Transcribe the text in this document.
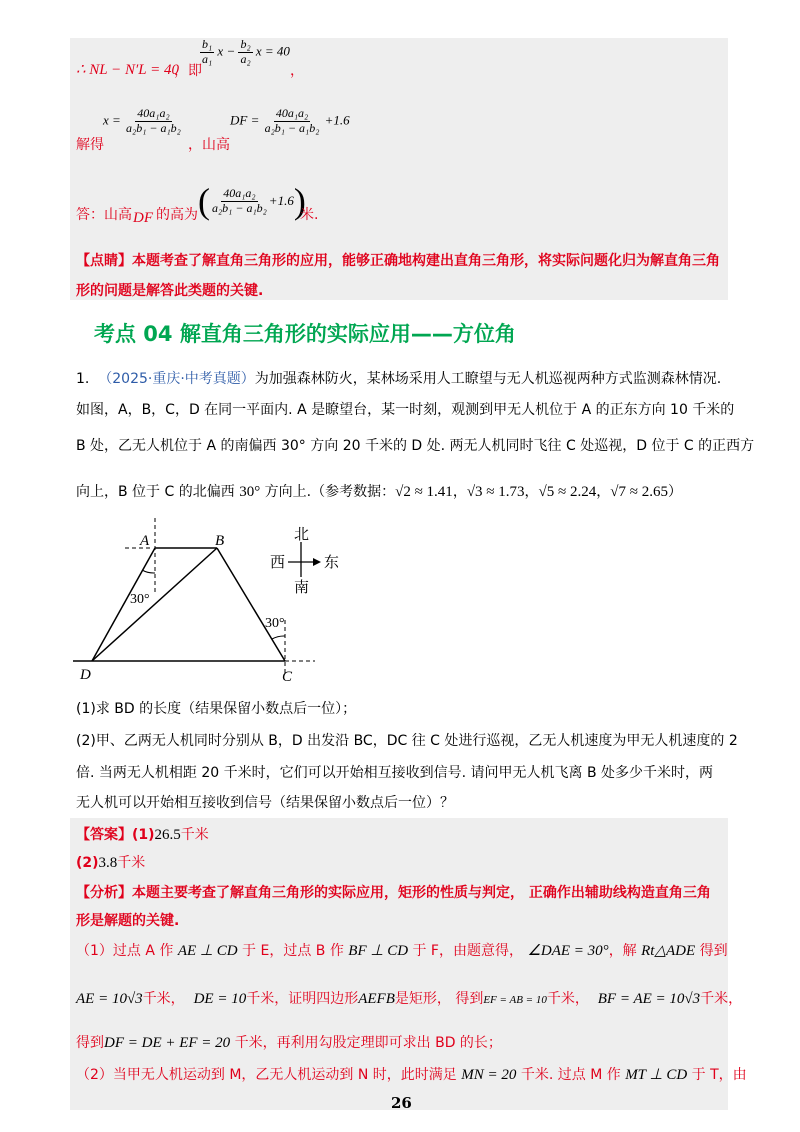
∴ NL − N′L = 40
，即
$\frac{\text{b₁}}{\text{a₁}}$ $x - \frac{\text{b₂}}{\text{a₂}}$ x = 40
，
解得
$x = \frac{\text{40a₁a₂}}{\text{a₂b₁ − a₁b₂}}$
，山高
DF = $\frac{\text{40a₁a₂}}{\text{a₂b₁ − a₁b₂}} +1.6$
答：山高 DF 的高为 ( $\frac{\text{40a₁a₂}}{\text{a₂b₁ − a₁b₂}} +1.6$)
米.
【点睛】本题考查了解直角三角形的应用，能够正确地构建出直角三角形，将实际问题化归为解直角三角
形的问题是解答此类题的关键.
考点 04 解直角三角形的实际应用——方位角
1. （2025·重庆·中考真题）为加强森林防火，某林场采用人工瞭望与无人机巡视两种方式监测森林情况.
如图，A，B，C，D 在同一平面内. A 是瞭望台，某一时刻，观测到甲无人机位于 A 的正东方向 10 千米的
B 处，乙无人机位于 A 的南偏西 30° 方向 20 千米的 D 处. 两无人机同时飞往 C 处巡视，D 位于 C 的正西方
向上，B 位于 C 的北偏西 30° 方向上.（参考数据：√2 ≈ 1.41，√3 ≈ 1.73，√5 ≈ 2.24，√7 ≈ 2.65）
A	B
C
D
30°
30°
北
南
西	东
(1)求 BD 的长度（结果保留小数点后一位）；
(2)甲、乙两无人机同时分别从 B，D 出发沿 BC，DC 往 C 处进行巡视，乙无人机速度为甲无人机速度的 2
倍. 当两无人机相距 20 千米时，它们可以开始相互接收到信号. 请问甲无人机飞离 B 处多少千米时，两
无人机可以开始相互接收到信号（结果保留小数点后一位）？
【答案】(1)26.5千米
(2)3.8千米
【分析】本题主要考查了解直角三角形的实际应用，矩形的性质与判定， 正确作出辅助线构造直角三角
形是解题的关键.
（1）过点 A 作 AE ⊥ CD 于 E，过点 B 作 BF ⊥ CD 于 F，由题意得， ∠DAE = 30°，解 Rt△ADE 得到
AE = 10√3千米， DE = 10千米，证明四边形AEFB是矩形， 得到EF = AB = 10千米， BF = AE = 10√3千米，
得到DF = DE + EF = 20 千米，再利用勾股定理即可求出 BD 的长；
（2）当甲无人机运动到 M，乙无人机运动到 N 时，此时满足 MN = 20 千米. 过点 M 作 MT ⊥ CD 于 T，由
26
